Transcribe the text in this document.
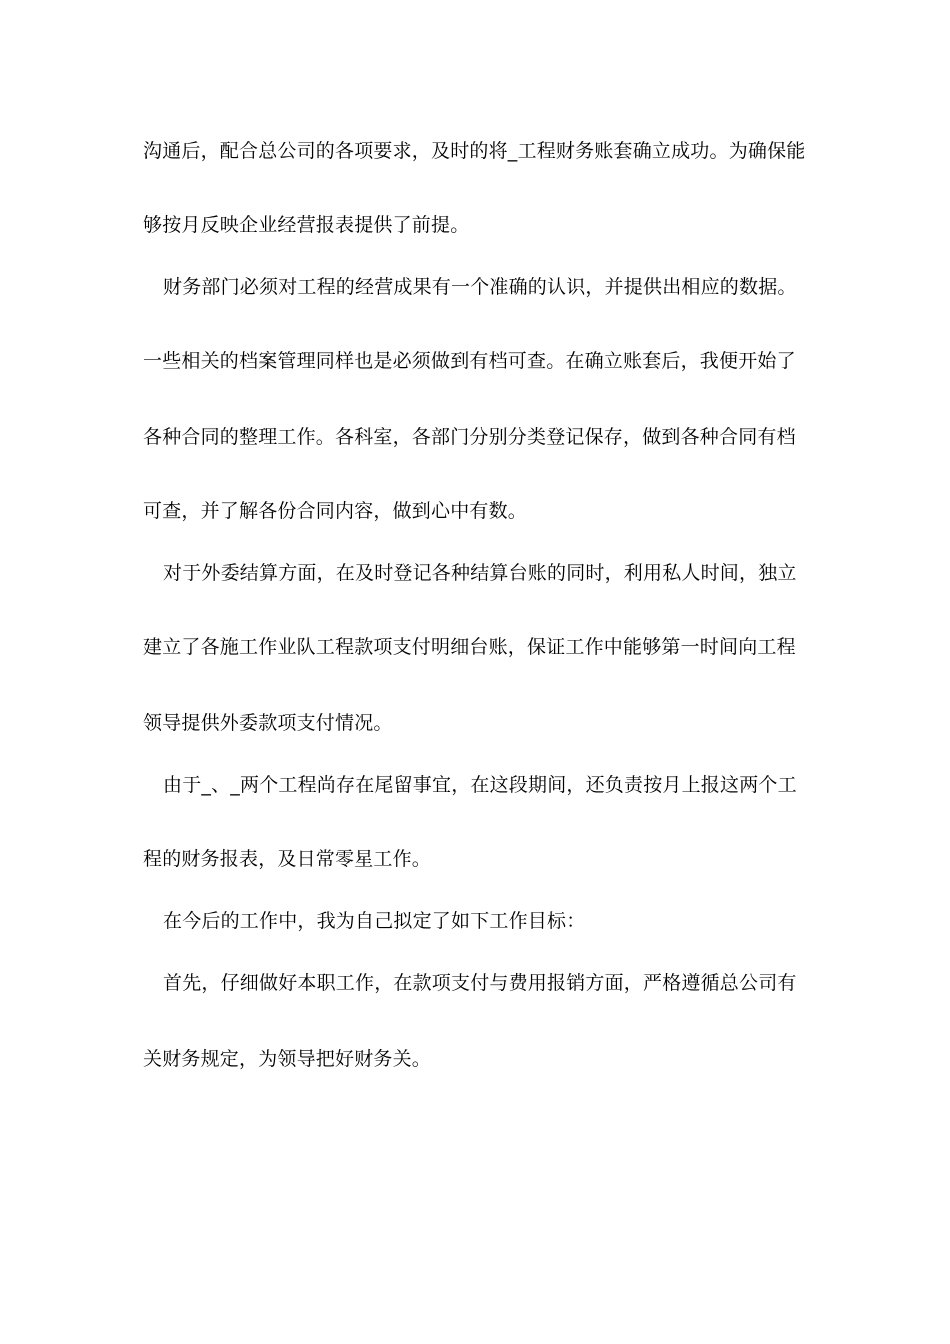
沟通后，配合总公司的各项要求，及时的将_工程财务账套确立成功。为确保能
够按月反映企业经营报表提供了前提。
财务部门必须对工程的经营成果有一个准确的认识，并提供出相应的数据。
一些相关的档案管理同样也是必须做到有档可查。在确立账套后，我便开始了
各种合同的整理工作。各科室，各部门分别分类登记保存，做到各种合同有档
可查，并了解各份合同内容，做到心中有数。
对于外委结算方面，在及时登记各种结算台账的同时，利用私人时间，独立
建立了各施工作业队工程款项支付明细台账，保证工作中能够第一时间向工程
领导提供外委款项支付情况。
由于_、_两个工程尚存在尾留事宜，在这段期间，还负责按月上报这两个工
程的财务报表，及日常零星工作。
在今后的工作中，我为自己拟定了如下工作目标：
首先，仔细做好本职工作，在款项支付与费用报销方面，严格遵循总公司有
关财务规定，为领导把好财务关。
